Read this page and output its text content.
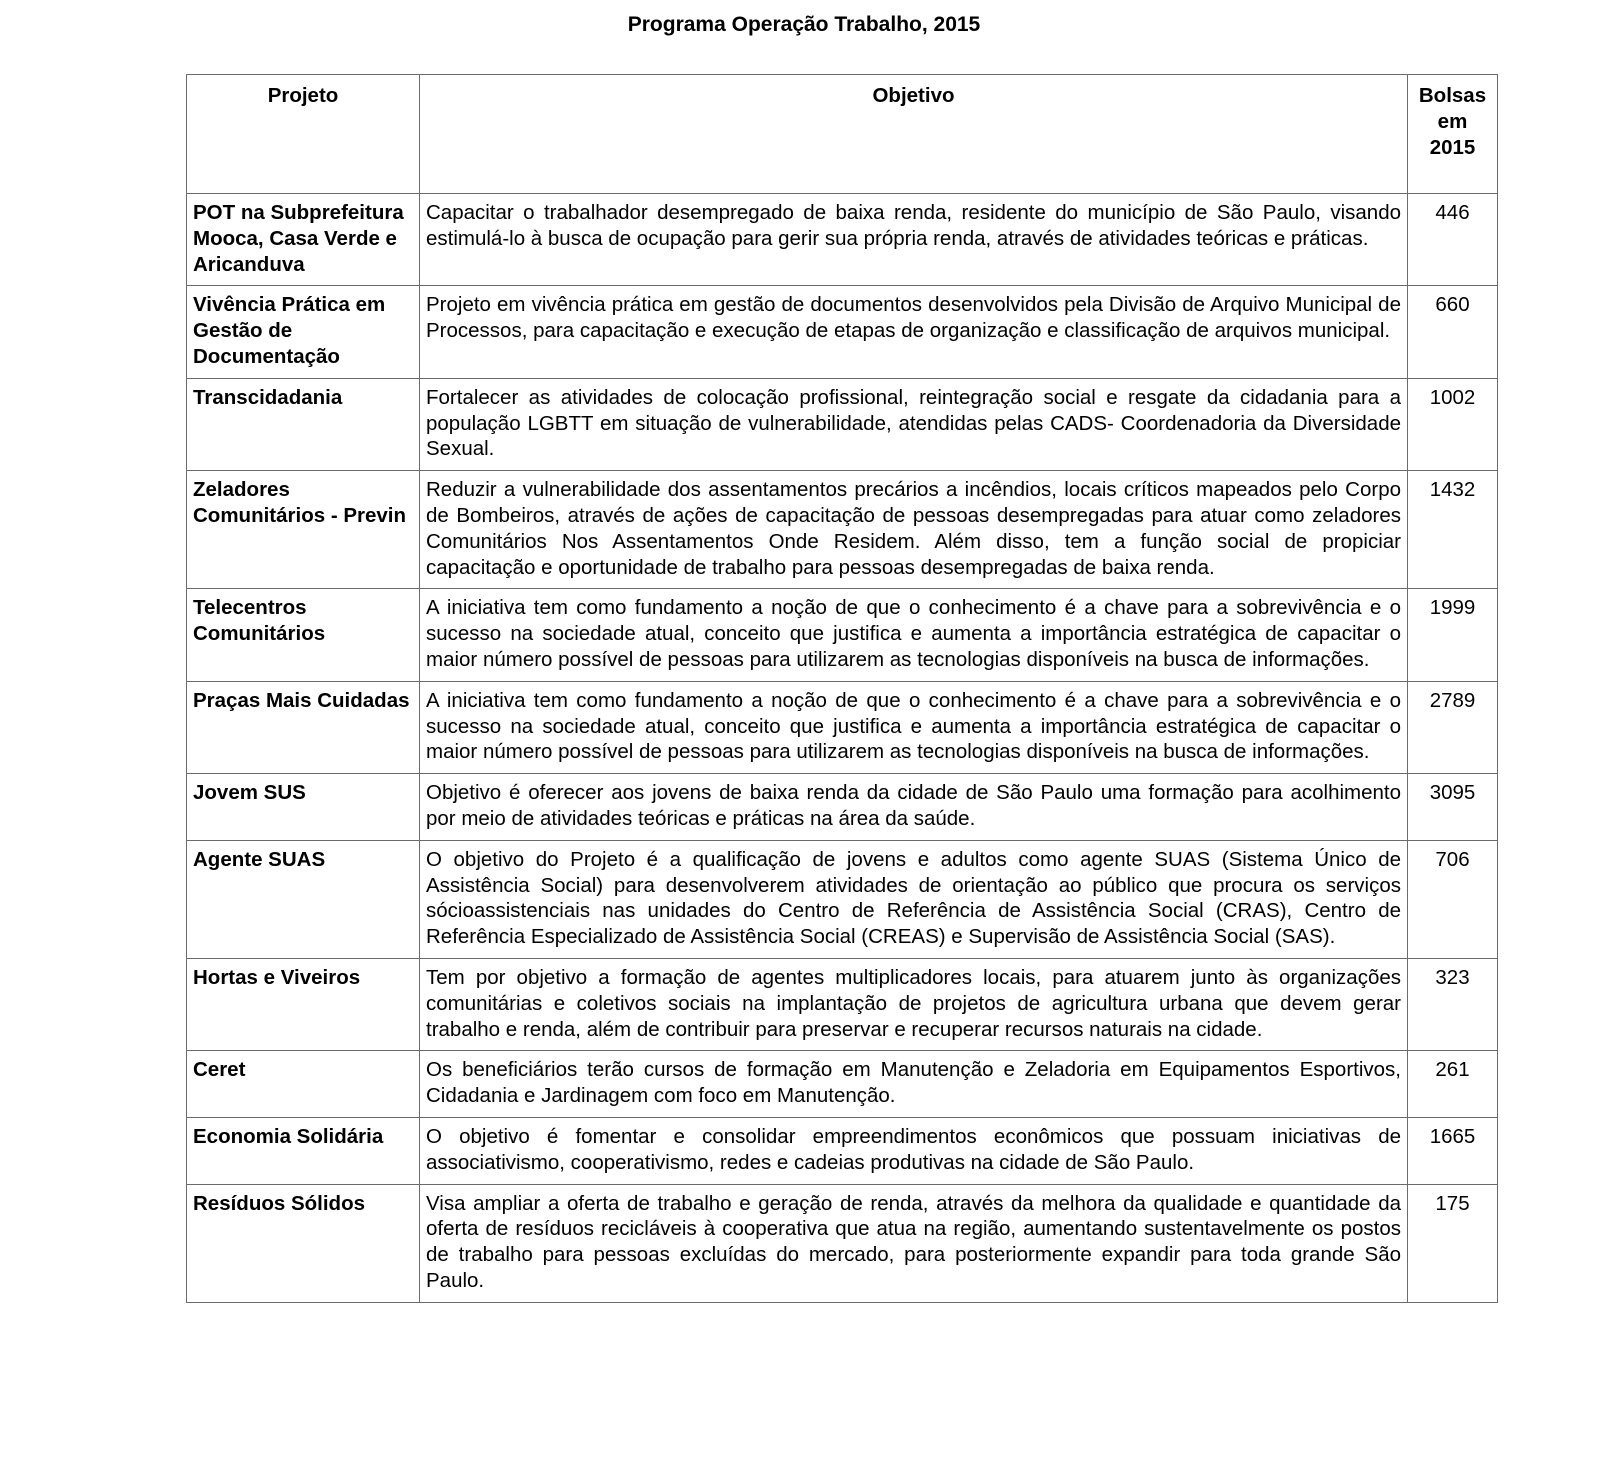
Programa Operação Trabalho, 2015
Projeto	Objetivo	Bolsas em 2015
POT na Subprefeitura Mooca, Casa Verde e Aricanduva	Capacitar o trabalhador desempregado de baixa renda, residente do município de São Paulo, visando estimulá-lo à busca de ocupação para gerir sua própria renda, através de atividades teóricas e práticas.	446
Vivência Prática em Gestão de Documentação	Projeto em vivência prática em gestão de documentos desenvolvidos pela Divisão de Arquivo Municipal de Processos, para capacitação e execução de etapas de organização e classificação de arquivos municipal.	660
Transcidadania	Fortalecer as atividades de colocação profissional, reintegração social e resgate da cidadania para a população LGBTT em situação de vulnerabilidade, atendidas pelas CADS- Coordenadoria da Diversidade Sexual.	1002
Zeladores Comunitários - Previn	Reduzir a vulnerabilidade dos assentamentos precários a incêndios, locais críticos mapeados pelo Corpo de Bombeiros, através de ações de capacitação de pessoas desempregadas para atuar como zeladores Comunitários Nos Assentamentos Onde Residem. Além disso, tem a função social de propiciar capacitação e oportunidade de trabalho para pessoas desempregadas de baixa renda.	1432
Telecentros Comunitários	A iniciativa tem como fundamento a noção de que o conhecimento é a chave para a sobrevivência e o sucesso na sociedade atual, conceito que justifica e aumenta a importância estratégica de capacitar o maior número possível de pessoas para utilizarem as tecnologias disponíveis na busca de informações.	1999
Praças Mais Cuidadas	A iniciativa tem como fundamento a noção de que o conhecimento é a chave para a sobrevivência e o sucesso na sociedade atual, conceito que justifica e aumenta a importância estratégica de capacitar o maior número possível de pessoas para utilizarem as tecnologias disponíveis na busca de informações.	2789
Jovem SUS	Objetivo é oferecer aos jovens de baixa renda da cidade de São Paulo uma formação para acolhimento por meio de atividades teóricas e práticas na área da saúde.	3095
Agente SUAS	O objetivo do Projeto é a qualificação de jovens e adultos como agente SUAS (Sistema Único de Assistência Social) para desenvolverem atividades de orientação ao público que procura os serviços sócioassistenciais nas unidades do Centro de Referência de Assistência Social (CRAS), Centro de Referência Especializado de Assistência Social (CREAS) e Supervisão de Assistência Social (SAS).	706
Hortas e Viveiros	Tem por objetivo a formação de agentes multiplicadores locais, para atuarem junto às organizações comunitárias e coletivos sociais na implantação de projetos de agricultura urbana que devem gerar trabalho e renda, além de contribuir para preservar e recuperar recursos naturais na cidade.	323
Ceret	Os beneficiários terão cursos de formação em Manutenção e Zeladoria em Equipamentos Esportivos, Cidadania e Jardinagem com foco em Manutenção.	261
Economia Solidária	O objetivo é fomentar e consolidar empreendimentos econômicos que possuam iniciativas de associativismo, cooperativismo, redes e cadeias produtivas na cidade de São Paulo.	1665
Resíduos Sólidos	Visa ampliar a oferta de trabalho e geração de renda, através da melhora da qualidade e quantidade da oferta de resíduos recicláveis à cooperativa que atua na região, aumentando sustentavelmente os postos de trabalho para pessoas excluídas do mercado, para posteriormente expandir para toda grande São Paulo.	175
